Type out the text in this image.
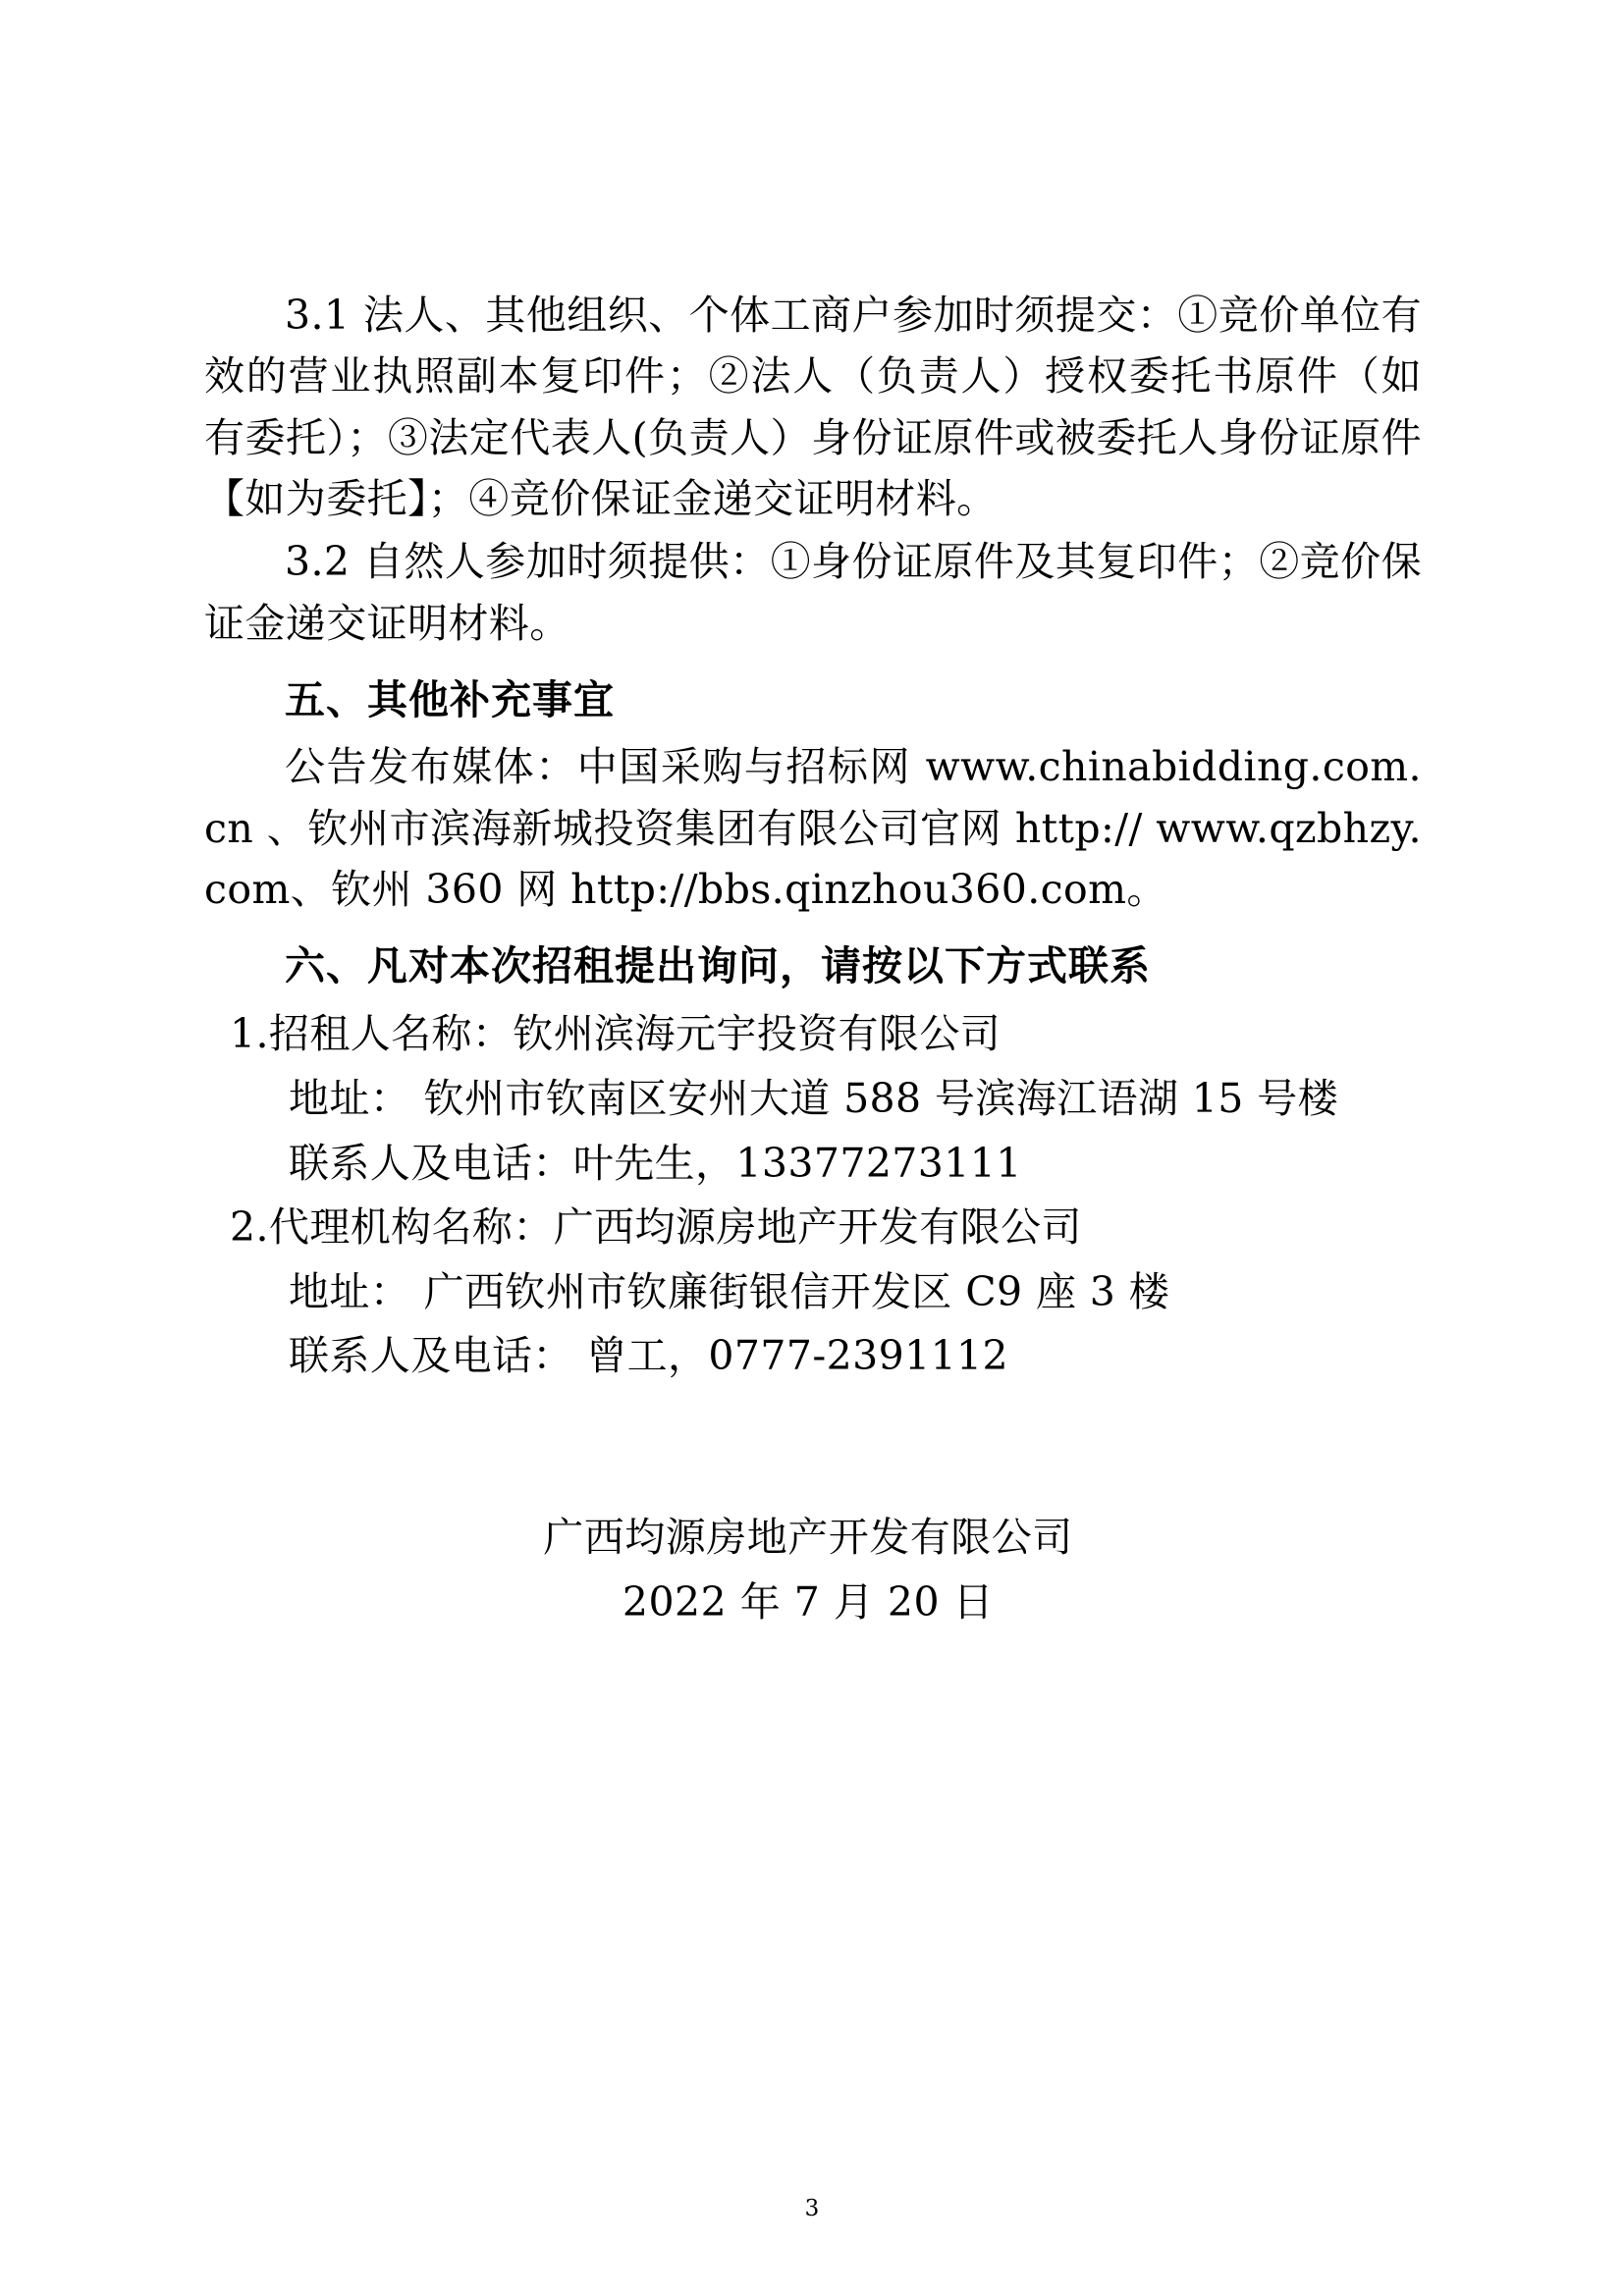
3.1 法人、其他组织、个体工商户参加时须提交：①竞价单位有效的营业执照副本复印件；②法人（负责人）授权委托书原件（如有委托）；③法定代表人(负责人）身份证原件或被委托人身份证原件【如为委托】；④竞价保证金递交证明材料。

3.2 自然人参加时须提供：①身份证原件及其复印件；②竞价保证金递交证明材料。

五、其他补充事宜

公告发布媒体：中国采购与招标网 www.chinabidding.com.cn 、钦州市滨海新城投资集团有限公司官网 http:// www.qzbhzy.com、钦州 360 网 http://bbs.qinzhou360.com。

六、凡对本次招租提出询问，请按以下方式联系

1.招租人名称：钦州滨海元宇投资有限公司

地址： 钦州市钦南区安州大道 588 号滨海江语湖 15 号楼

联系人及电话：叶先生，13377273111

2.代理机构名称：广西均源房地产开发有限公司

地址： 广西钦州市钦廉街银信开发区 C9 座 3 楼

联系人及电话： 曾工，0777-2391112

广西均源房地产开发有限公司
2022 年 7 月 20 日
3
